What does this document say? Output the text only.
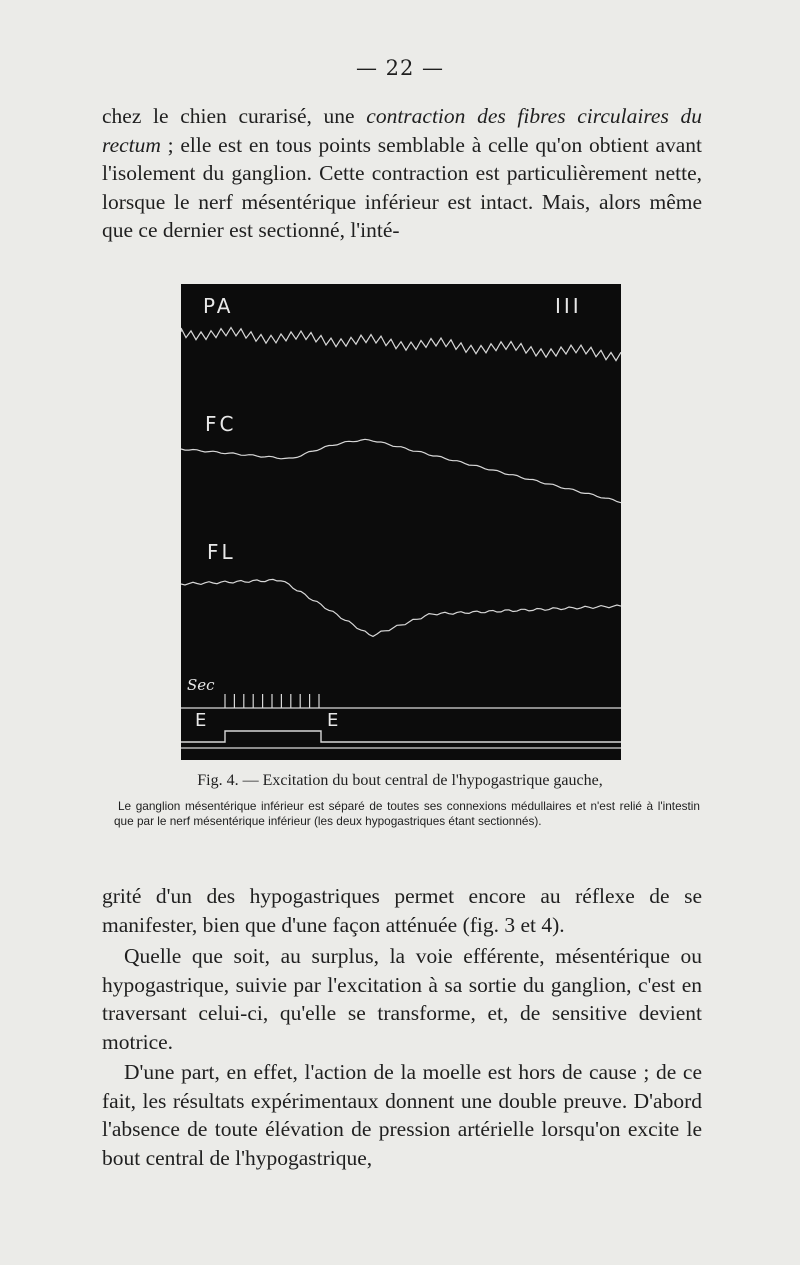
— 22 —

chez le chien curarisé, une contraction des fibres circulaires du rectum ; elle est en tous points semblable à celle qu'on obtient avant l'isolement du ganglion. Cette contraction est particulièrement nette, lorsque le nerf mésentérique inférieur est intact. Mais, alors même que ce dernier est sectionné, l'inté-

PA	III
FC
FL
Sec
E	E
Fig. 4. — Excitation du bout central de l'hypogastrique gauche,
Le ganglion mésentérique inférieur est séparé de toutes ses connexions médullaires et n'est relié à l'intestin que par le nerf mésentérique inférieur (les deux hypogastriques étant sectionnés).

grité d'un des hypogastriques permet encore au réflexe de se manifester, bien que d'une façon atténuée (fig. 3 et 4).

Quelle que soit, au surplus, la voie efférente, mésentérique ou hypogastrique, suivie par l'excitation à sa sortie du ganglion, c'est en traversant celui-ci, qu'elle se transforme, et, de sensitive devient motrice.

D'une part, en effet, l'action de la moelle est hors de cause ; de ce fait, les résultats expérimentaux donnent une double preuve. D'abord l'absence de toute élévation de pression artérielle lorsqu'on excite le bout central de l'hypogastrique,
